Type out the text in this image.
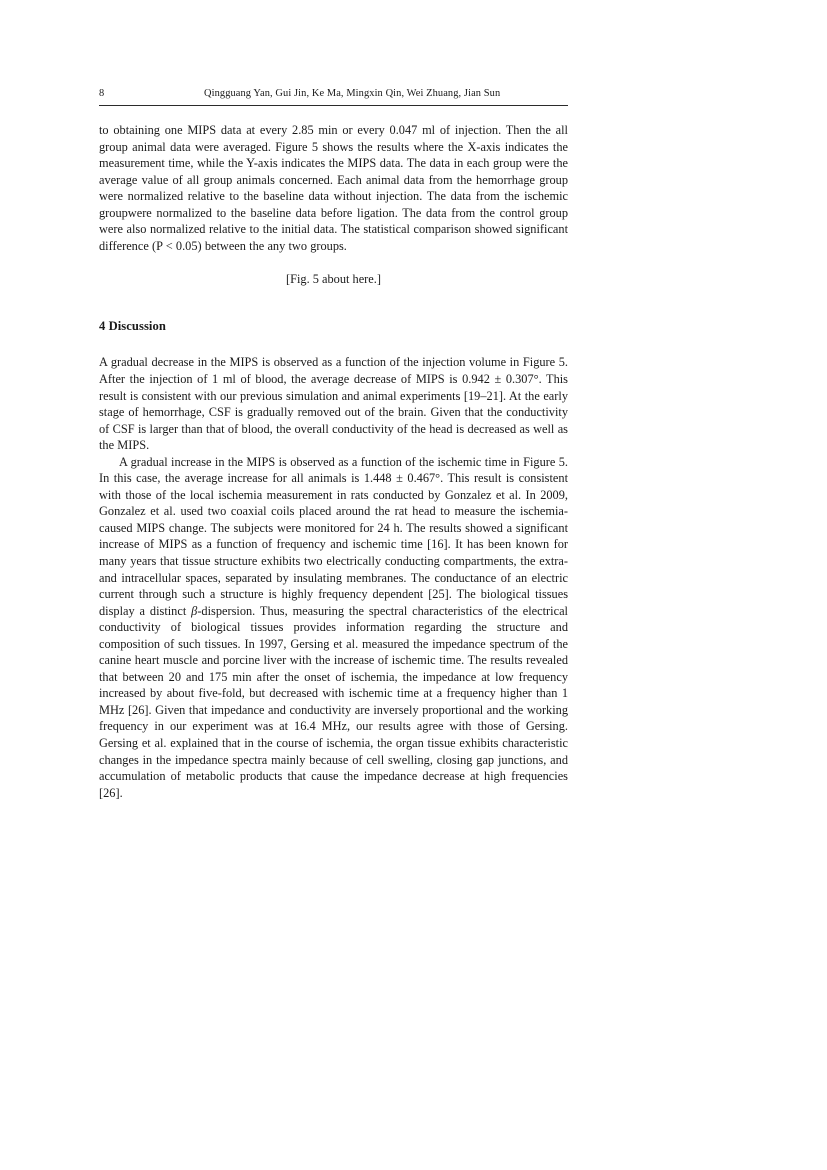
8	Qingguang Yan, Gui Jin, Ke Ma, Mingxin Qin, Wei Zhuang, Jian Sun

to obtaining one MIPS data at every 2.85 min or every 0.047 ml of injection. Then the all group animal data were averaged. Figure 5 shows the results where the X-axis indicates the measurement time, while the Y-axis indicates the MIPS data. The data in each group were the average value of all group animals concerned. Each animal data from the hemorrhage group were normalized relative to the baseline data without injection. The data from the ischemic groupwere normalized to the baseline data before ligation. The data from the control group were also normalized relative to the initial data. The statistical comparison showed significant difference (P < 0.05) between the any two groups.

[Fig. 5 about here.]

4 Discussion

A gradual decrease in the MIPS is observed as a function of the injection volume in Figure 5. After the injection of 1 ml of blood, the average decrease of MIPS is 0.942 ± 0.307°. This result is consistent with our previous simulation and animal experiments [19–21]. At the early stage of hemorrhage, CSF is gradually removed out of the brain. Given that the conductivity of CSF is larger than that of blood, the overall conductivity of the head is decreased as well as the MIPS.

A gradual increase in the MIPS is observed as a function of the ischemic time in Figure 5. In this case, the average increase for all animals is 1.448 ± 0.467°. This result is consistent with those of the local ischemia measurement in rats conducted by Gonzalez et al. In 2009, Gonzalez et al. used two coaxial coils placed around the rat head to measure the ischemia-caused MIPS change. The subjects were monitored for 24 h. The results showed a significant increase of MIPS as a function of frequency and ischemic time [16]. It has been known for many years that tissue structure exhibits two electrically conducting compartments, the extra- and intracellular spaces, separated by insulating membranes. The conductance of an electric current through such a structure is highly frequency dependent [25]. The biological tissues display a distinct β-dispersion. Thus, measuring the spectral characteristics of the electrical conductivity of biological tissues provides information regarding the structure and composition of such tissues. In 1997, Gersing et al. measured the impedance spectrum of the canine heart muscle and porcine liver with the increase of ischemic time. The results revealed that between 20 and 175 min after the onset of ischemia, the impedance at low frequency increased by about five-fold, but decreased with ischemic time at a frequency higher than 1 MHz [26]. Given that impedance and conductivity are inversely proportional and the working frequency in our experiment was at 16.4 MHz, our results agree with those of Gersing. Gersing et al. explained that in the course of ischemia, the organ tissue exhibits characteristic changes in the impedance spectra mainly because of cell swelling, closing gap junctions, and accumulation of metabolic products that cause the impedance decrease at high frequencies [26].
